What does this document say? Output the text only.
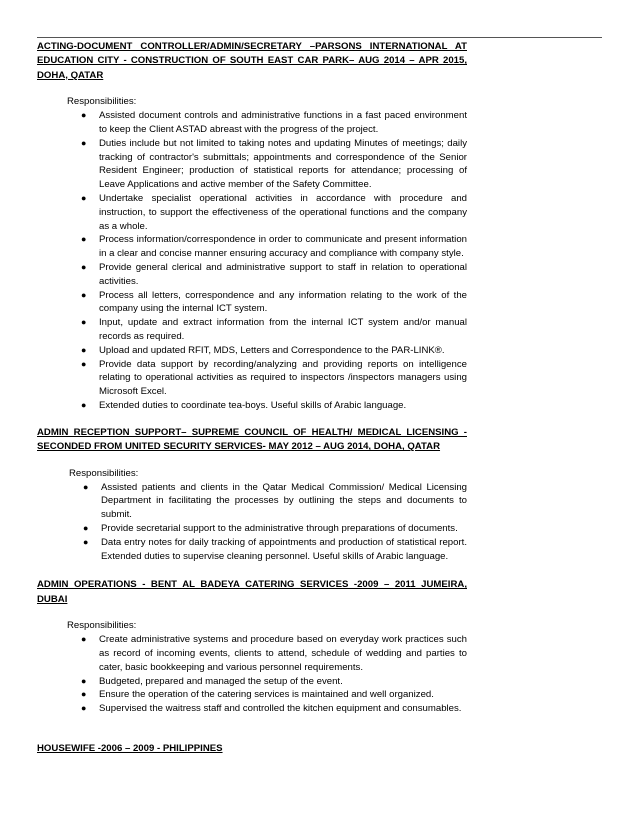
ACTING-DOCUMENT CONTROLLER/ADMIN/SECRETARY –PARSONS INTERNATIONAL AT EDUCATION CITY - CONSTRUCTION OF SOUTH EAST CAR PARK– AUG 2014 – APR 2015, DOHA, QATAR

Responsibilities:

● Assisted document controls and administrative functions in a fast paced environment to keep the Client ASTAD abreast with the progress of the project.
● Duties include but not limited to taking notes and updating Minutes of meetings; daily tracking of contractor's submittals; appointments and correspondence of the Senior Resident Engineer; production of statistical reports for attendance; processing of Leave Applications and active member of the Safety Committee.
● Undertake specialist operational activities in accordance with procedure and instruction, to support the effectiveness of the operational functions and the company as a whole.
● Process information/correspondence in order to communicate and present information in a clear and concise manner ensuring accuracy and compliance with company style.
● Provide general clerical and administrative support to staff in relation to operational activities.
● Process all letters, correspondence and any information relating to the work of the company using the internal ICT system.
● Input, update and extract information from the internal ICT system and/or manual records as required.
● Upload and updated RFIT, MDS, Letters and Correspondence to the PAR-LINK®.
● Provide data support by recording/analyzing and providing reports on intelligence relating to operational activities as required to inspectors /inspectors managers using Microsoft Excel.
● Extended duties to coordinate tea-boys. Useful skills of Arabic language.

ADMIN RECEPTION SUPPORT– SUPREME COUNCIL OF HEALTH/ MEDICAL LICENSING - SECONDED FROM UNITED SECURITY SERVICES- MAY 2012 – AUG 2014, DOHA, QATAR

Responsibilities:

● Assisted patients and clients in the Qatar Medical Commission/ Medical Licensing Department in facilitating the processes by outlining the steps and documents to submit.
● Provide secretarial support to the administrative through preparations of documents.
● Data entry notes for daily tracking of appointments and production of statistical report. Extended duties to supervise cleaning personnel. Useful skills of Arabic language.

ADMIN OPERATIONS - BENT AL BADEYA CATERING SERVICES -2009 – 2011 JUMEIRA, DUBAI

Responsibilities:

● Create administrative systems and procedure based on everyday work practices such as record of incoming events, clients to attend, schedule of wedding and parties to cater, basic bookkeeping and various personnel requirements.
● Budgeted, prepared and managed the setup of the event.
● Ensure the operation of the catering services is maintained and well organized.
● Supervised the waitress staff and controlled the kitchen equipment and consumables.

HOUSEWIFE -2006 – 2009 - PHILIPPINES
